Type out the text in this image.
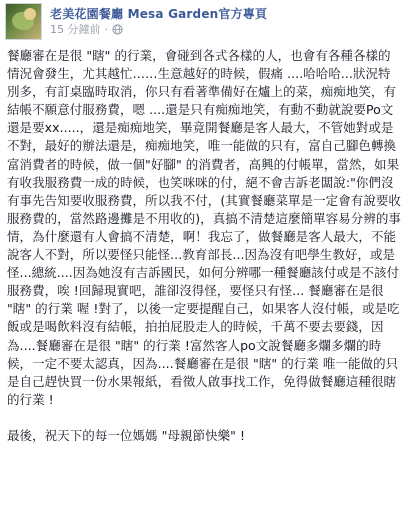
老美花園餐廳 Mesa Garden官方專頁
15 分鐘前 ·

餐廳審在是很 "瞎" 的行業，會碰到各式各樣的人，也會有各種各樣的情況會發生，尤其越忙……生意越好的時候，假痛 ....哈哈哈...狀況特別多，有訂桌臨時取消，你只有看著準備好在爐上的菜，痴痴地笑，有結帳不願意付服務費，嗯 ....還是只有痴痴地笑，有動不動就說要Po文還是要xx.....，還是痴痴地笑，畢竟開餐廳是客人最大，不管她對或是不對，最好的辦法還是，痴痴地笑，唯一能做的只有，富自己腳色轉換富消費者的時候，做一個"好腳" 的消費者，高興的付帳單，當然，如果有收我服務費一成的時候，也笑咪咪的付，絕不會吉訴老闆說:"你們沒有事先告知要收服務費，所以我不付，(其實餐廳菜單是一定會有說要收服務費的，當然路邊攤是不用收的)，真搞不清楚這麼簡單容易分辨的事情，為什麼還有人會搞不清楚，啊！我忘了，做餐廳是客人最大，不能說客人不對，所以要怪只能怪...教育部長...因為沒有吧學生教好，或是怪...總統....因為她沒有吉訴國民，如何分辨哪一種餐廳該付或是不該付服務費，唉 !回歸現實吧，誰卻沒得怪，要怪只有怪... 餐廳審在是很 "瞎" 的行業 喔 !對了，以後一定要提醒自己，如果客人沒付帳，或是吃飯或是喝飲料沒有結帳，拍拍屁股走人的時候，千萬不要去要錢，因為....餐廳審在是很 "瞎" 的行業 !富然客人po文說餐廳多爛多爛的時候，一定不要太認真，因為....餐廳審在是很 "瞎" 的行業 唯一能做的只是自己趕快買一份水果報紙，看徵人啟事找工作，免得做餐廳這種很瞎的行業 !

最後，祝天下的每一位媽媽 "母親節快樂" !
